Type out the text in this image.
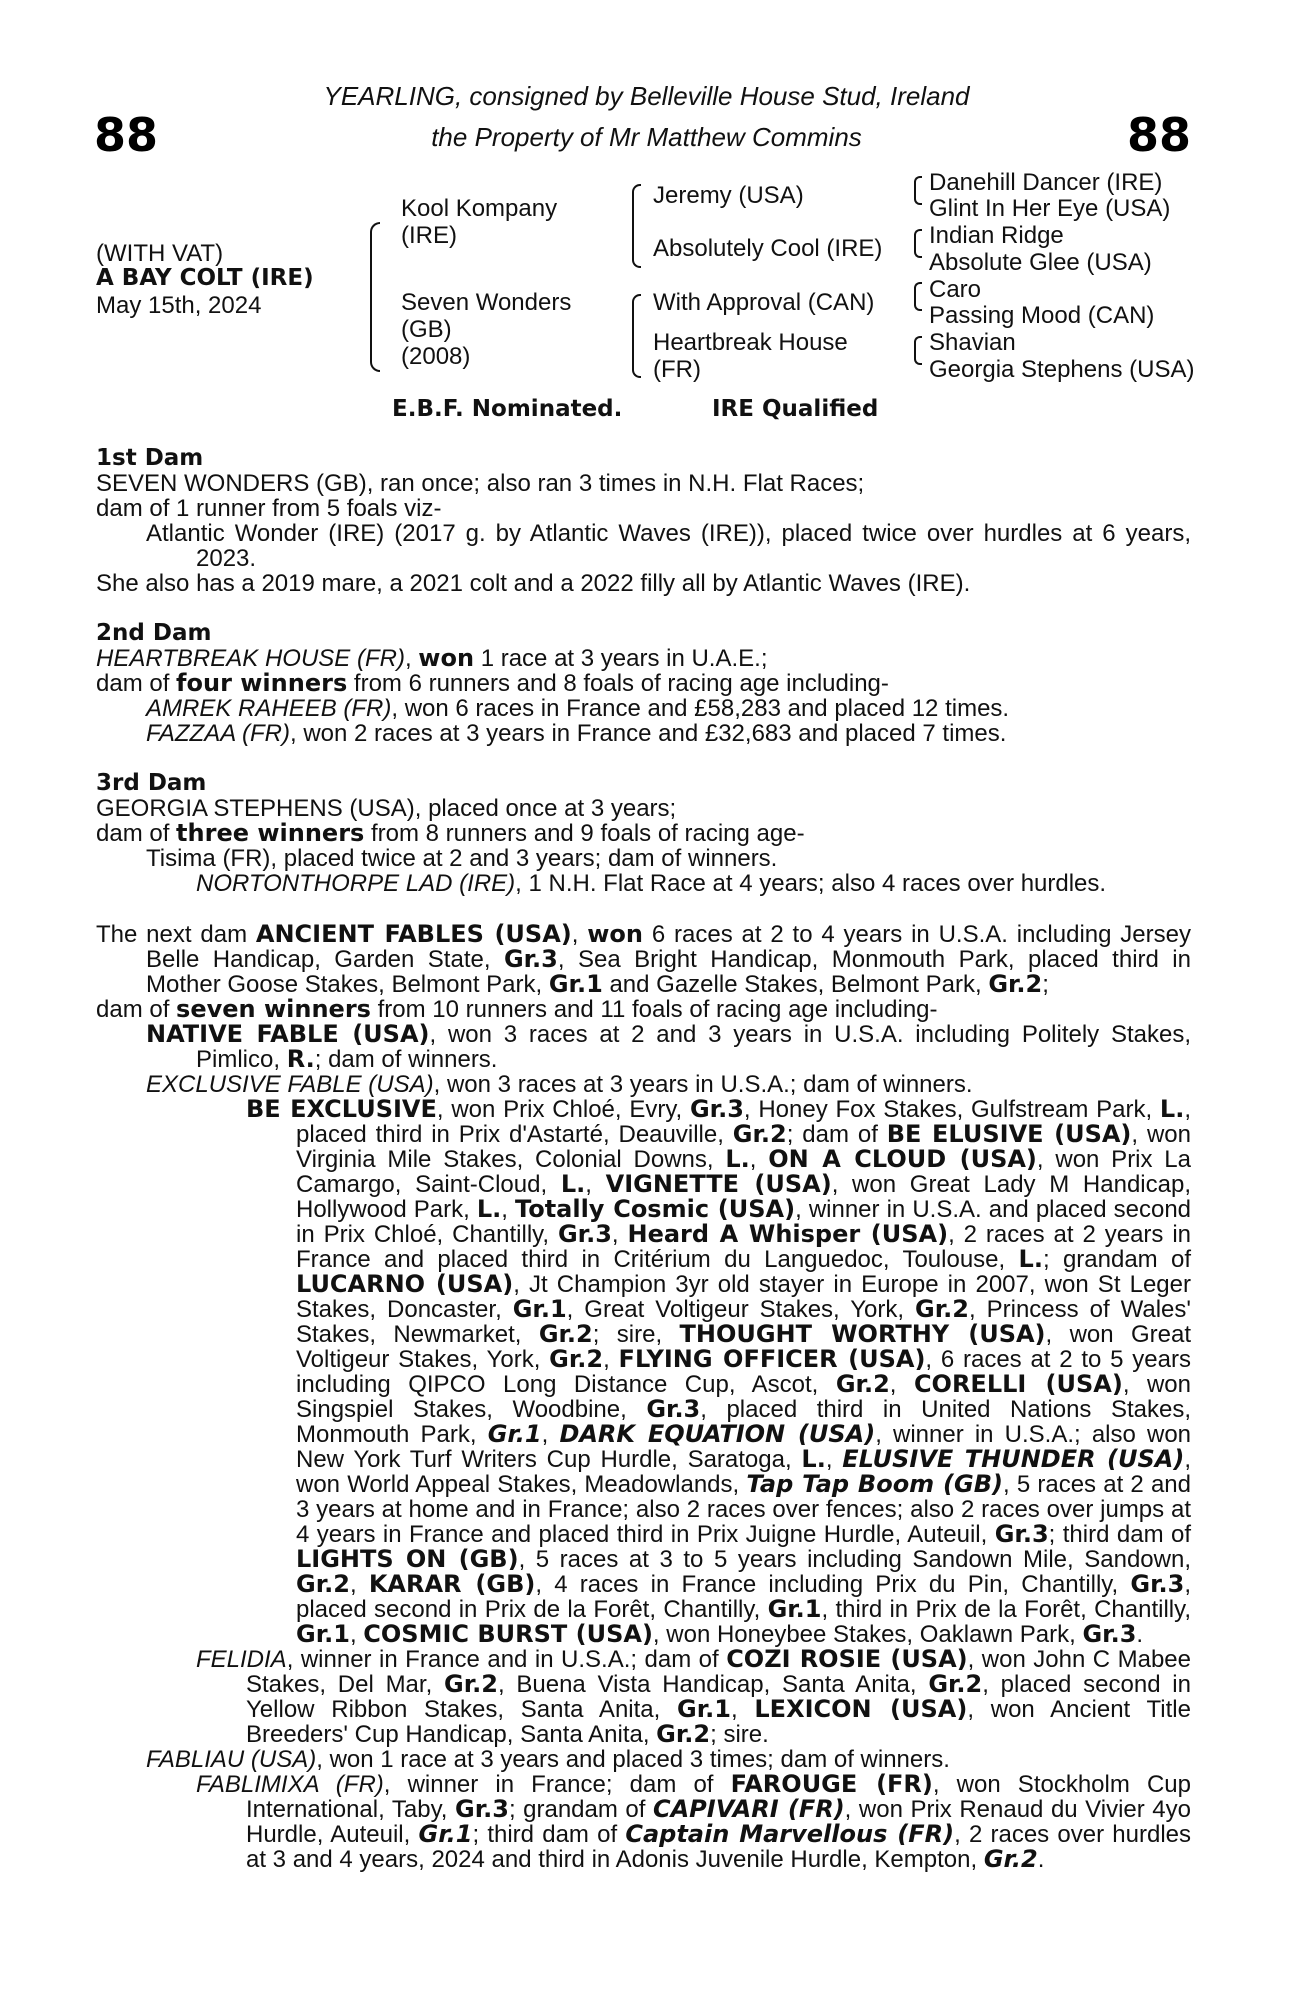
88	88
YEARLING, consigned by Belleville House Stud, Ireland
the Property of Mr Matthew Commins
(WITH VAT)
A BAY COLT (IRE)
May 15th, 2024
Kool Kompany
(IRE)
Seven Wonders
(GB)
(2008)
Jeremy (USA)
Absolutely Cool (IRE)
With Approval (CAN)
Heartbreak House
(FR)
Danehill Dancer (IRE)
Glint In Her Eye (USA)
Indian Ridge
Absolute Glee (USA)
Caro
Passing Mood (CAN)
Shavian
Georgia Stephens (USA)
E.B.F. Nominated.	IRE Qualified

1st Dam

SEVEN WONDERS (GB), ran once; also ran 3 times in N.H. Flat Races;

dam of 1 runner from 5 foals viz-

Atlantic Wonder (IRE) (2017 g. by Atlantic Waves (IRE)), placed twice over hurdles at 6 years, 2023.

She also has a 2019 mare, a 2021 colt and a 2022 filly all by Atlantic Waves (IRE).

2nd Dam

HEARTBREAK HOUSE (FR), won 1 race at 3 years in U.A.E.;

dam of four winners from 6 runners and 8 foals of racing age including-

AMREK RAHEEB (FR), won 6 races in France and £58,283 and placed 12 times.

FAZZAA (FR), won 2 races at 3 years in France and £32,683 and placed 7 times.

3rd Dam

GEORGIA STEPHENS (USA), placed once at 3 years;

dam of three winners from 8 runners and 9 foals of racing age-

Tisima (FR), placed twice at 2 and 3 years; dam of winners.

NORTONTHORPE LAD (IRE), 1 N.H. Flat Race at 4 years; also 4 races over hurdles.

The next dam ANCIENT FABLES (USA), won 6 races at 2 to 4 years in U.S.A. including Jersey Belle Handicap, Garden State, Gr.3, Sea Bright Handicap, Monmouth Park, placed third in Mother Goose Stakes, Belmont Park, Gr.1 and Gazelle Stakes, Belmont Park, Gr.2;

dam of seven winners from 10 runners and 11 foals of racing age including-

NATIVE FABLE (USA), won 3 races at 2 and 3 years in U.S.A. including Politely Stakes, Pimlico, R.; dam of winners.

EXCLUSIVE FABLE (USA), won 3 races at 3 years in U.S.A.; dam of winners.

BE EXCLUSIVE, won Prix Chloé, Evry, Gr.3, Honey Fox Stakes, Gulfstream Park, L., placed third in Prix d'Astarté, Deauville, Gr.2; dam of BE ELUSIVE (USA), won Virginia Mile Stakes, Colonial Downs, L., ON A CLOUD (USA), won Prix La Camargo, Saint-Cloud, L., VIGNETTE (USA), won Great Lady M Handicap, Hollywood Park, L., Totally Cosmic (USA), winner in U.S.A. and placed second in Prix Chloé, Chantilly, Gr.3, Heard A Whisper (USA), 2 races at 2 years in France and placed third in Critérium du Languedoc, Toulouse, L.; grandam of LUCARNO (USA), Jt Champion 3yr old stayer in Europe in 2007, won St Leger Stakes, Doncaster, Gr.1, Great Voltigeur Stakes, York, Gr.2, Princess of Wales' Stakes, Newmarket, Gr.2; sire, THOUGHT WORTHY (USA), won Great Voltigeur Stakes, York, Gr.2, FLYING OFFICER (USA), 6 races at 2 to 5 years including QIPCO Long Distance Cup, Ascot, Gr.2, CORELLI (USA), won Singspiel Stakes, Woodbine, Gr.3, placed third in United Nations Stakes, Monmouth Park, Gr.1, DARK EQUATION (USA), winner in U.S.A.; also won New York Turf Writers Cup Hurdle, Saratoga, L., ELUSIVE THUNDER (USA), won World Appeal Stakes, Meadowlands, Tap Tap Boom (GB), 5 races at 2 and 3 years at home and in France; also 2 races over fences; also 2 races over jumps at 4 years in France and placed third in Prix Juigne Hurdle, Auteuil, Gr.3; third dam of LIGHTS ON (GB), 5 races at 3 to 5 years including Sandown Mile, Sandown, Gr.2, KARAR (GB), 4 races in France including Prix du Pin, Chantilly, Gr.3, placed second in Prix de la Forêt, Chantilly, Gr.1, third in Prix de la Forêt, Chantilly, Gr.1, COSMIC BURST (USA), won Honeybee Stakes, Oaklawn Park, Gr.3.

FELIDIA, winner in France and in U.S.A.; dam of COZI ROSIE (USA), won John C Mabee Stakes, Del Mar, Gr.2, Buena Vista Handicap, Santa Anita, Gr.2, placed second in Yellow Ribbon Stakes, Santa Anita, Gr.1, LEXICON (USA), won Ancient Title Breeders' Cup Handicap, Santa Anita, Gr.2; sire.

FABLIAU (USA), won 1 race at 3 years and placed 3 times; dam of winners.

FABLIMIXA (FR), winner in France; dam of FAROUGE (FR), won Stockholm Cup International, Taby, Gr.3; grandam of CAPIVARI (FR), won Prix Renaud du Vivier 4yo Hurdle, Auteuil, Gr.1; third dam of Captain Marvellous (FR), 2 races over hurdles at 3 and 4 years, 2024 and third in Adonis Juvenile Hurdle, Kempton, Gr.2.
